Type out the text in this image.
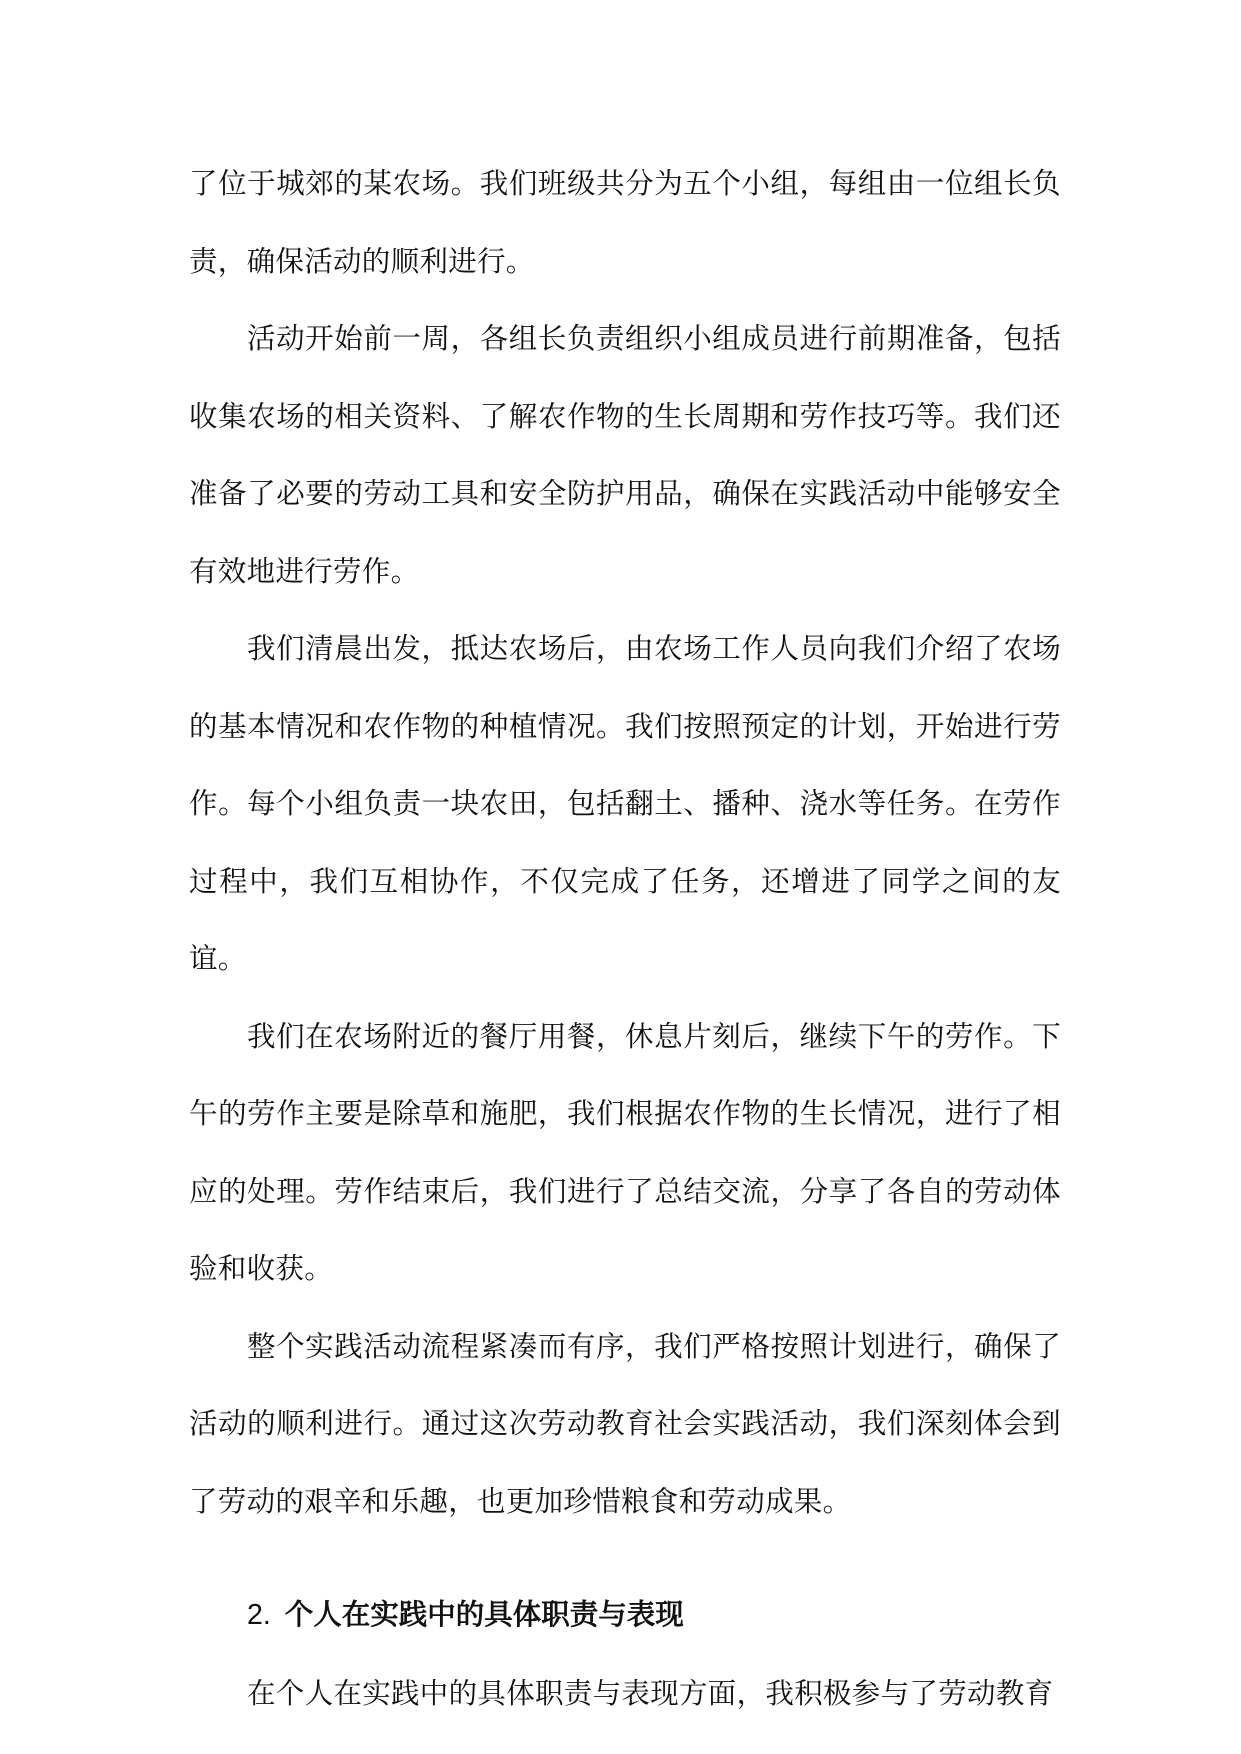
了位于城郊的某农场。我们班级共分为五个小组，每组由一位组长负责，确保活动的顺利进行。

活动开始前一周，各组长负责组织小组成员进行前期准备，包括收集农场的相关资料、了解农作物的生长周期和劳作技巧等。我们还准备了必要的劳动工具和安全防护用品，确保在实践活动中能够安全有效地进行劳作。

我们清晨出发，抵达农场后，由农场工作人员向我们介绍了农场的基本情况和农作物的种植情况。我们按照预定的计划，开始进行劳作。每个小组负责一块农田，包括翻土、播种、浇水等任务。在劳作过程中，我们互相协作，不仅完成了任务，还增进了同学之间的友谊。

我们在农场附近的餐厅用餐，休息片刻后，继续下午的劳作。下午的劳作主要是除草和施肥，我们根据农作物的生长情况，进行了相应的处理。劳作结束后，我们进行了总结交流，分享了各自的劳动体验和收获。

整个实践活动流程紧凑而有序，我们严格按照计划进行，确保了活动的顺利进行。通过这次劳动教育社会实践活动，我们深刻体会到了劳动的艰辛和乐趣，也更加珍惜粮食和劳动成果。

2. 个人在实践中的具体职责与表现

在个人在实践中的具体职责与表现方面，我积极参与了劳动教育
